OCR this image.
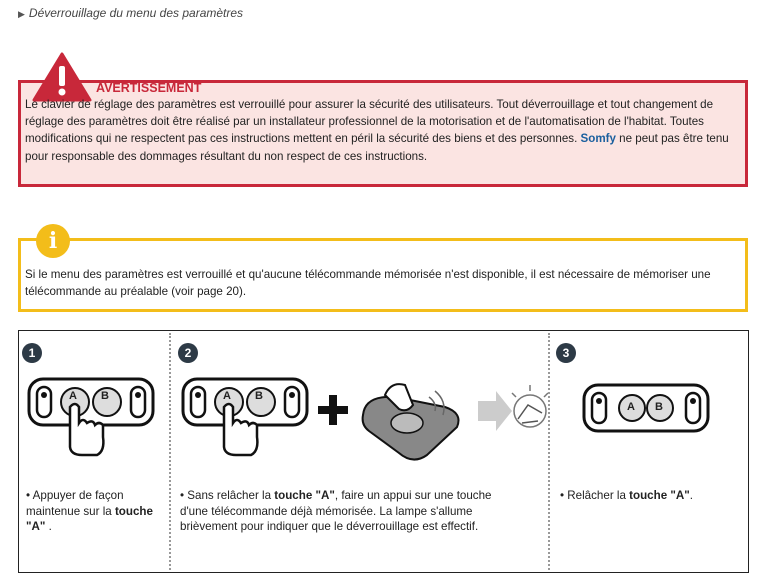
▶ Déverrouillage du menu des paramètres
AVERTISSEMENT
Le clavier de réglage des paramètres est verrouillé pour assurer la sécurité des utilisateurs. Tout déverrouillage et tout changement de réglage des paramètres doit être réalisé par un installateur professionnel de la motorisation et de l'automatisation de l'habitat. Toutes modifications qui ne respectent pas ces instructions mettent en péril la sécurité des biens et des personnes. Somfy ne peut pas être tenu pour responsable des dommages résultant du non respect de ces instructions.
i
Si le menu des paramètres est verrouillé et qu'aucune télécommande mémorisée n'est disponible, il est nécessaire de mémoriser une télécommande au préalable (voir page 20).
1	2	3
A B	A B
A B
• Appuyer de façon maintenue sur la touche "A" .
• Sans relâcher la touche "A", faire un appui sur une touche d'une télécommande déjà mémorisée. La lampe s'allume brièvement pour indiquer que le déverrouillage est effectif.
• Relâcher la touche "A".
